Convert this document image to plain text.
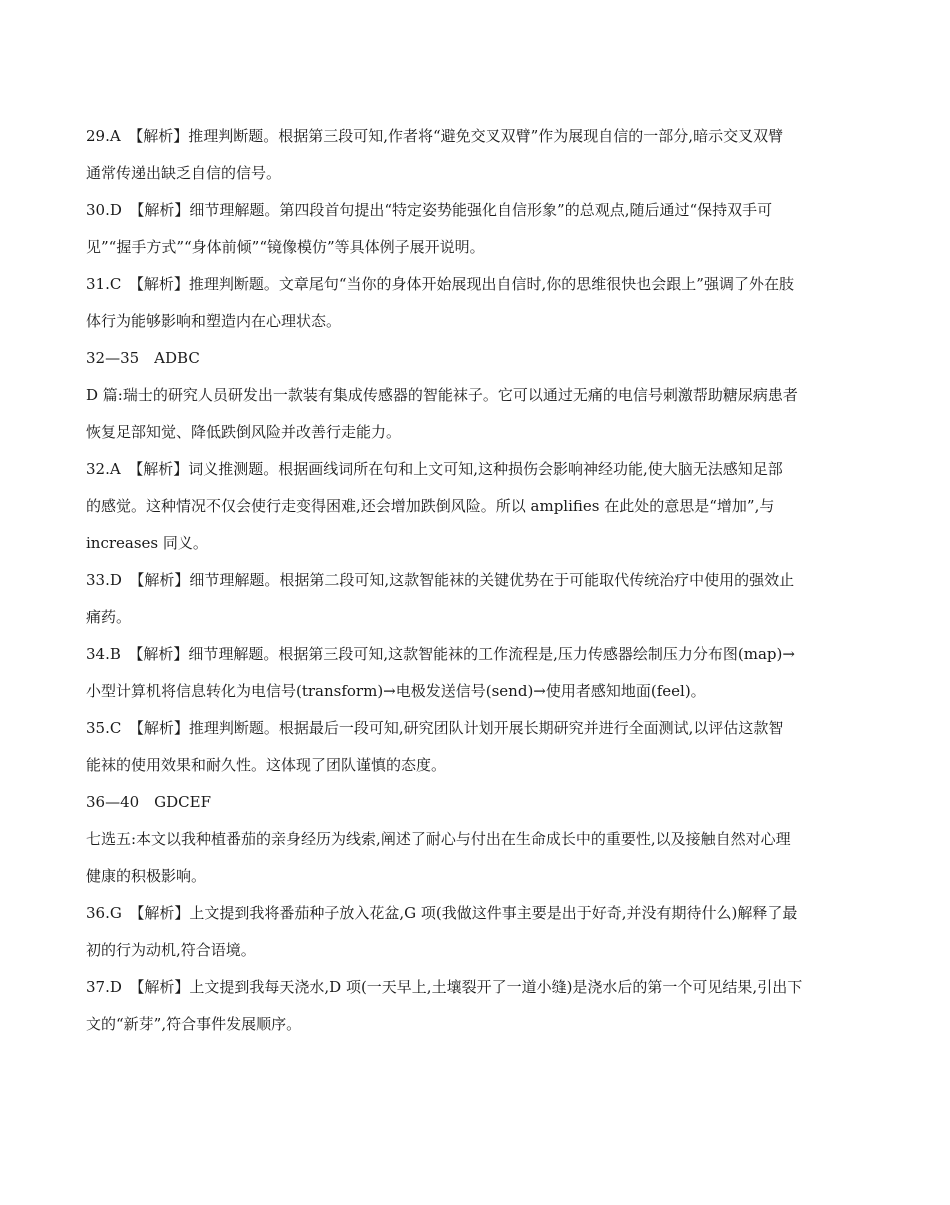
29.A　【解析】推理判断题。根据第三段可知,作者将“避免交叉双臂”作为展现自信的一部分,暗示交叉双臂
通常传递出缺乏自信的信号。
30.D　【解析】细节理解题。第四段首句提出“特定姿势能强化自信形象”的总观点,随后通过“保持双手可
见”“握手方式”“身体前倾”“镜像模仿”等具体例子展开说明。
31.C　【解析】推理判断题。文章尾句“当你的身体开始展现出自信时,你的思维很快也会跟上”强调了外在肢
体行为能够影响和塑造内在心理状态。
32—35　ADBC
D 篇:瑞士的研究人员研发出一款装有集成传感器的智能袜子。它可以通过无痛的电信号刺激帮助糖尿病患者
恢复足部知觉、降低跌倒风险并改善行走能力。
32.A　【解析】词义推测题。根据画线词所在句和上文可知,这种损伤会影响神经功能,使大脑无法感知足部
的感觉。这种情况不仅会使行走变得困难,还会增加跌倒风险。所以 amplifies 在此处的意思是“增加”,与
increases 同义。
33.D　【解析】细节理解题。根据第二段可知,这款智能袜的关键优势在于可能取代传统治疗中使用的强效止
痛药。
34.B　【解析】细节理解题。根据第三段可知,这款智能袜的工作流程是,压力传感器绘制压力分布图(map)→
小型计算机将信息转化为电信号(transform)→电极发送信号(send)→使用者感知地面(feel)。
35.C　【解析】推理判断题。根据最后一段可知,研究团队计划开展长期研究并进行全面测试,以评估这款智
能袜的使用效果和耐久性。这体现了团队谨慎的态度。
36—40　GDCEF
七选五:本文以我种植番茄的亲身经历为线索,阐述了耐心与付出在生命成长中的重要性,以及接触自然对心理
健康的积极影响。
36.G　【解析】上文提到我将番茄种子放入花盆,G 项(我做这件事主要是出于好奇,并没有期待什么)解释了最
初的行为动机,符合语境。
37.D　【解析】上文提到我每天浇水,D 项(一天早上,土壤裂开了一道小缝)是浇水后的第一个可见结果,引出下
文的“新芽”,符合事件发展顺序。
